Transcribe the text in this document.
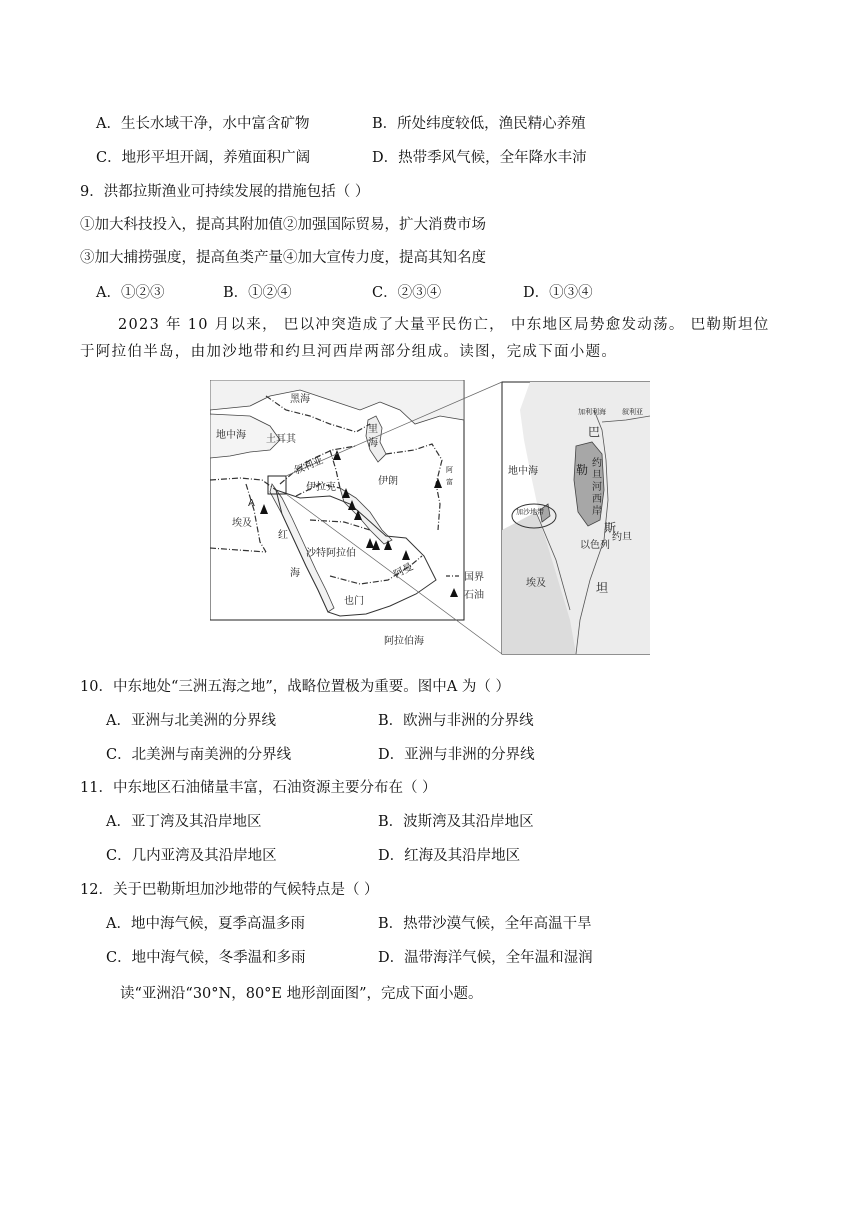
A．生长水域干净，水中富含矿物	B．所处纬度较低，渔民精心养殖
C．地形平坦开阔，养殖面积广阔	D．热带季风气候，全年降水丰沛
9．洪都拉斯渔业可持续发展的措施包括（ ）
①加大科技投入，提高其附加值②加强国际贸易，扩大消费市场
③加大捕捞强度，提高鱼类产量④加大宣传力度，提高其知名度
A．①②③	B．①②④	C．②③④	D．①③④
2023 年 10 月以来， 巴以冲突造成了大量平民伤亡， 中东地区局势愈发动荡。 巴勒斯坦位于阿拉伯半岛，由加沙地带和约旦河西岸两部分组成。读图，完成下面小题。
黑海
里
海
土耳其
地中海
叙利亚
伊拉克
伊朗
阿
富
A
埃及
红
海
沙特阿拉伯
阿曼
也门
阿拉伯海
国界
石油
加利利海 叙利亚
地中海
巴
勒
斯
坦
约
旦
河
西
岸
加沙地带
以色列
约旦
埃及
10．中东地处“三洲五海之地”，战略位置极为重要。图中A 为（ ）
A．亚洲与北美洲的分界线	B．欧洲与非洲的分界线
C．北美洲与南美洲的分界线	D．亚洲与非洲的分界线
11．中东地区石油储量丰富，石油资源主要分布在（ ）
A．亚丁湾及其沿岸地区	B．波斯湾及其沿岸地区
C．几内亚湾及其沿岸地区	D．红海及其沿岸地区
12．关于巴勒斯坦加沙地带的气候特点是（ ）
A．地中海气候，夏季高温多雨	B．热带沙漠气候，全年高温干旱
C．地中海气候，冬季温和多雨	D．温带海洋气候，全年温和湿润
读“亚洲沿“30°N，80°E 地形剖面图”，完成下面小题。
